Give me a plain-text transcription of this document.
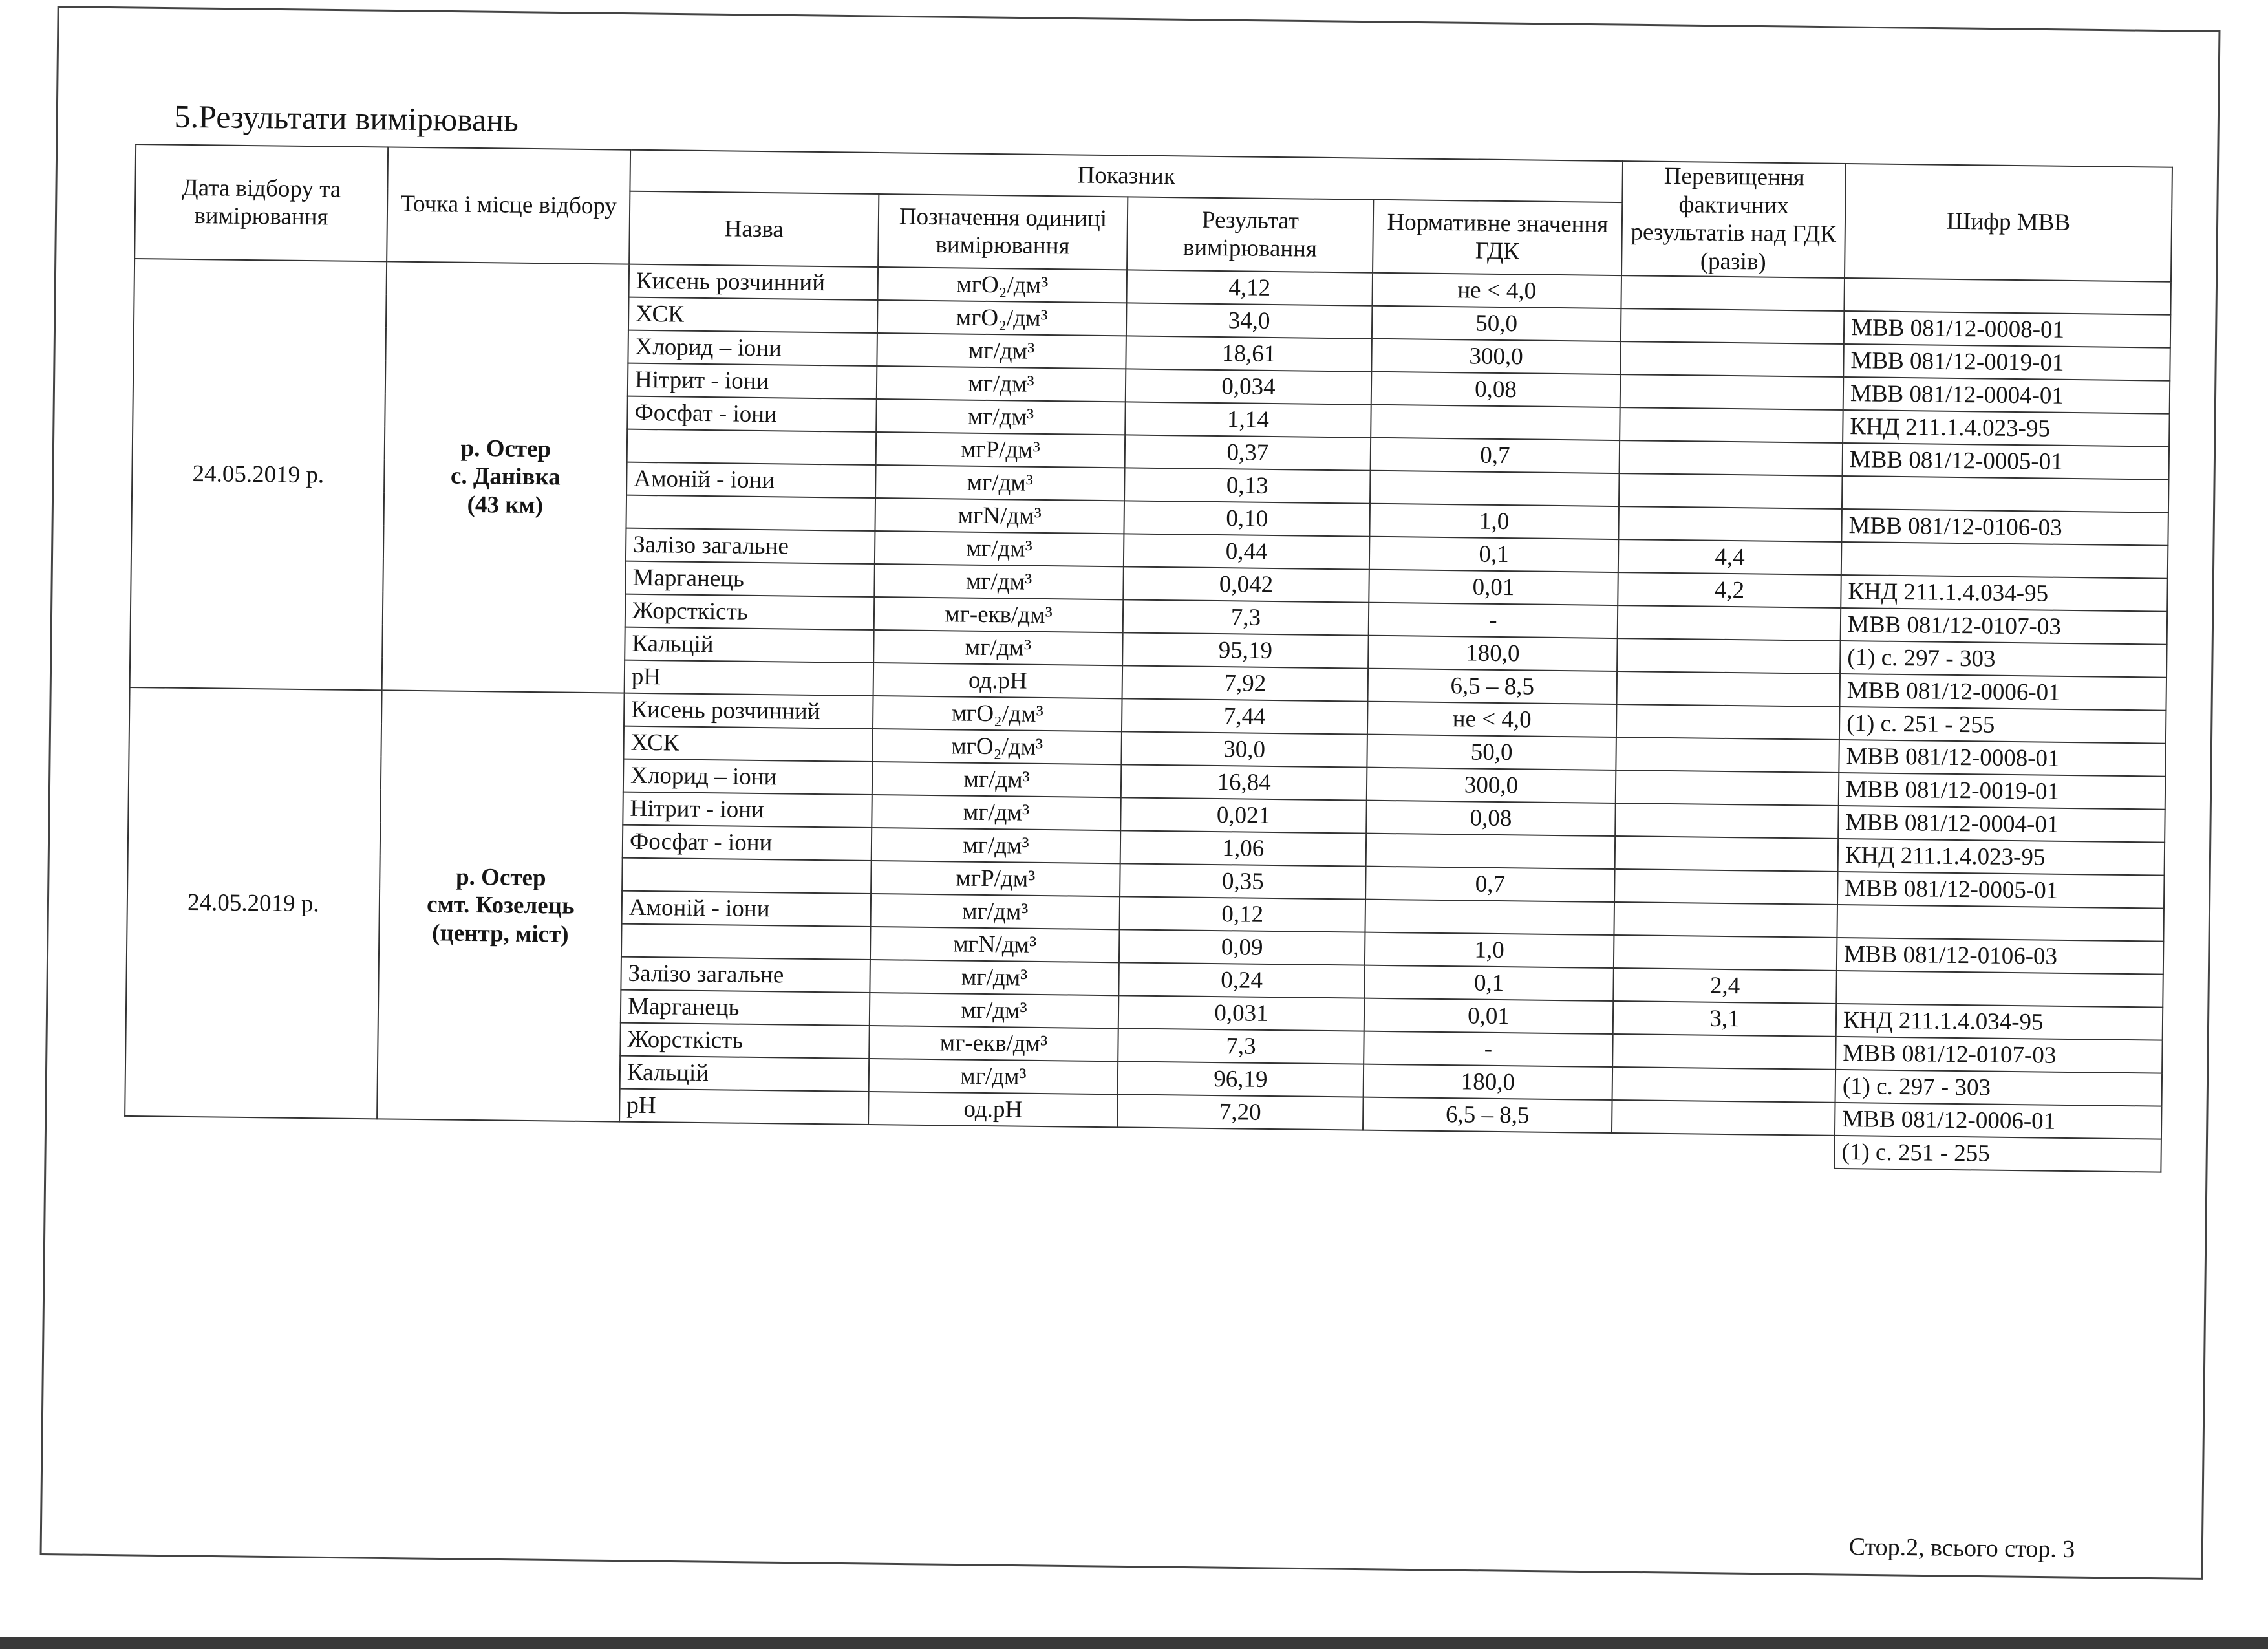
5.Результати вимірювань
Дата відбору та вимірювання	Точка і місце відбору	Показник				Перевищення фактичних результатів над ГДК (разів)	Шифр МВВ
		Назва	Позначення одиниці вимірювання	Результат вимірювання	Нормативне значення ГДК		
24.05.2019 р.	р. Остер
с. Данівка
(43 км)	Кисень розчинний	мгO₂/дм³	4,12	не < 4,0		
		ХСК	мгO₂/дм³	34,0	50,0		МВВ 081/12-0008-01
		Хлорид – іони	мг/дм³	18,61	300,0		МВВ 081/12-0019-01
		Нітрит - іони	мг/дм³	0,034	0,08		МВВ 081/12-0004-01
		Фосфат - іони	мг/дм³	1,14			КНД 211.1.4.023-95
			мгP/дм³	0,37	0,7		МВВ 081/12-0005-01
		Амоній - іони	мг/дм³	0,13			
			мгN/дм³	0,10	1,0		МВВ 081/12-0106-03
		Залізо загальне	мг/дм³	0,44	0,1	4,4	
		Марганець	мг/дм³	0,042	0,01	4,2	КНД 211.1.4.034-95
		Жорсткість	мг-екв/дм³	7,3	-		МВВ 081/12-0107-03
		Кальцій	мг/дм³	95,19	180,0		(1) с. 297 - 303
		pH	од.pH	7,92	6,5 – 8,5		МВВ 081/12-0006-01
24.05.2019 р.	р. Остер
смт. Козелець
(центр, міст)	Кисень розчинний	мгO₂/дм³	7,44	не < 4,0		(1) с. 251 - 255
		ХСК	мгO₂/дм³	30,0	50,0		МВВ 081/12-0008-01
		Хлорид – іони	мг/дм³	16,84	300,0		МВВ 081/12-0019-01
		Нітрит - іони	мг/дм³	0,021	0,08		МВВ 081/12-0004-01
		Фосфат - іони	мг/дм³	1,06			КНД 211.1.4.023-95
			мгP/дм³	0,35	0,7		МВВ 081/12-0005-01
		Амоній - іони	мг/дм³	0,12			
			мгN/дм³	0,09	1,0		МВВ 081/12-0106-03
		Залізо загальне	мг/дм³	0,24	0,1	2,4	
		Марганець	мг/дм³	0,031	0,01	3,1	КНД 211.1.4.034-95
		Жорсткість	мг-екв/дм³	7,3	-		МВВ 081/12-0107-03
		Кальцій	мг/дм³	96,19	180,0		(1) с. 297 - 303
		pH	од.pH	7,20	6,5 – 8,5		МВВ 081/12-0006-01
							(1) с. 251 - 255
Стор.2, всього стор. 3
